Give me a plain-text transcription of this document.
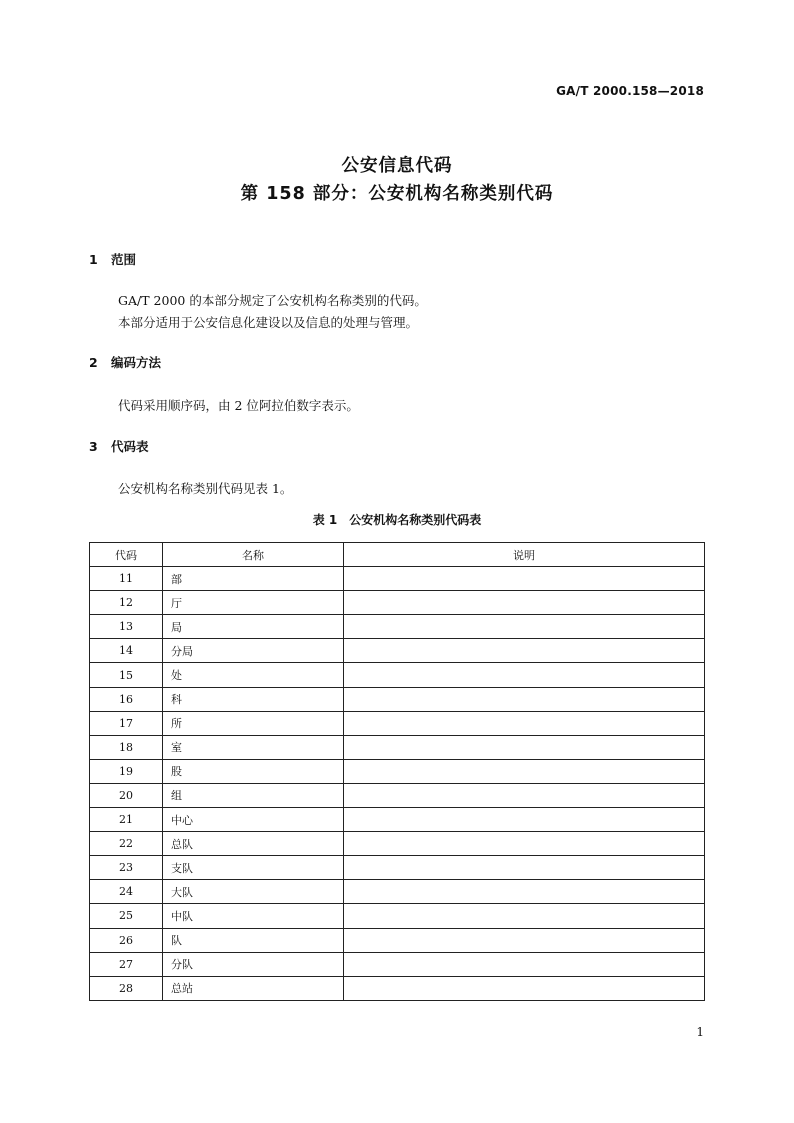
GA/T 2000.158—2018
公安信息代码
第 158 部分：公安机构名称类别代码
1 范围
GA/T 2000 的本部分规定了公安机构名称类别的代码。
本部分适用于公安信息化建设以及信息的处理与管理。
2 编码方法
代码采用顺序码，由 2 位阿拉伯数字表示。
3 代码表
公安机构名称类别代码见表 1。
表 1 公安机构名称类别代码表
代码	名称	说明
11	部	
12	厅	
13	局	
14	分局	
15	处	
16	科	
17	所	
18	室	
19	股	
20	组	
21	中心	
22	总队	
23	支队	
24	大队	
25	中队	
26	队	
27	分队	
28	总站	
1
